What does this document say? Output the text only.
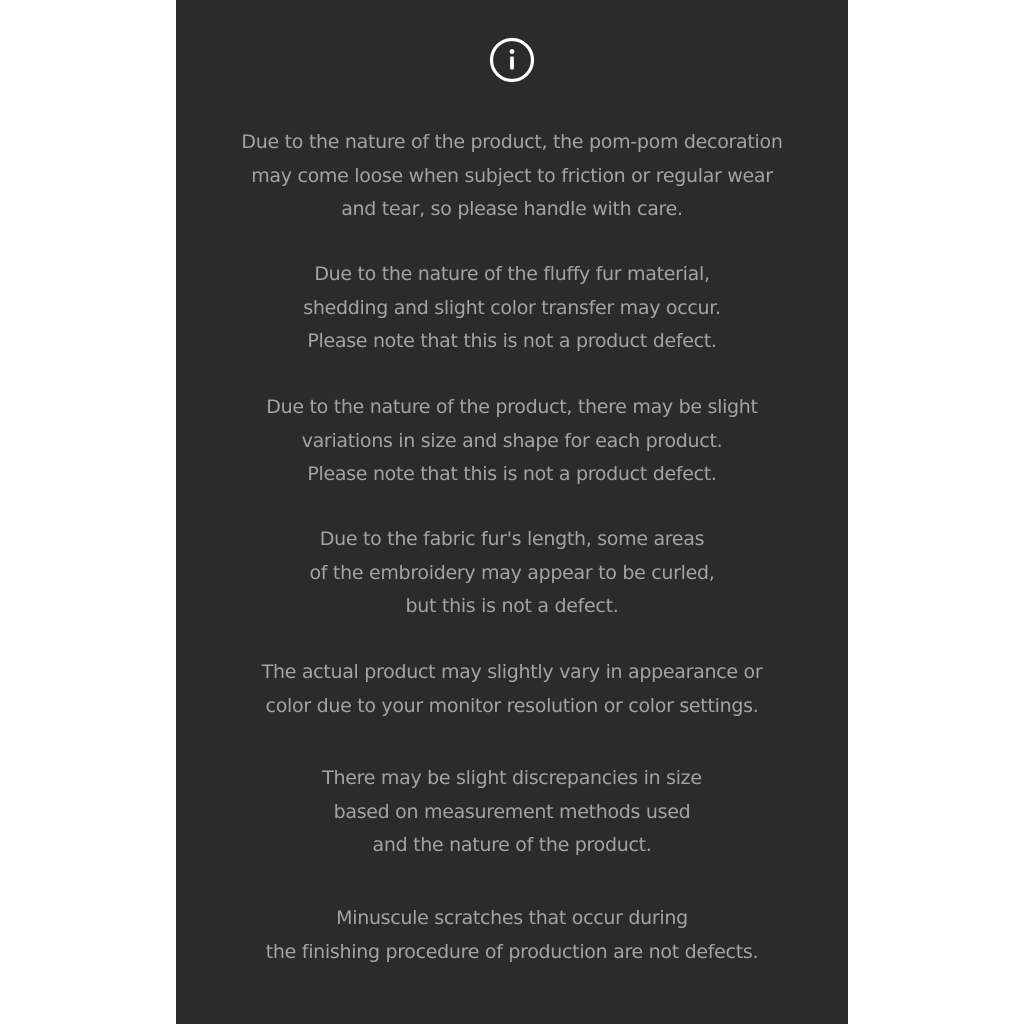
Due to the nature of the product, the pom-pom decoration
may come loose when subject to friction or regular wear
and tear, so please handle with care.

Due to the nature of the fluffy fur material,
shedding and slight color transfer may occur.
Please note that this is not a product defect.

Due to the nature of the product, there may be slight
variations in size and shape for each product.
Please note that this is not a product defect.

Due to the fabric fur's length, some areas
of the embroidery may appear to be curled,
but this is not a defect.

The actual product may slightly vary in appearance or
color due to your monitor resolution or color settings.

There may be slight discrepancies in size
based on measurement methods used
and the nature of the product.

Minuscule scratches that occur during
the finishing procedure of production are not defects.
